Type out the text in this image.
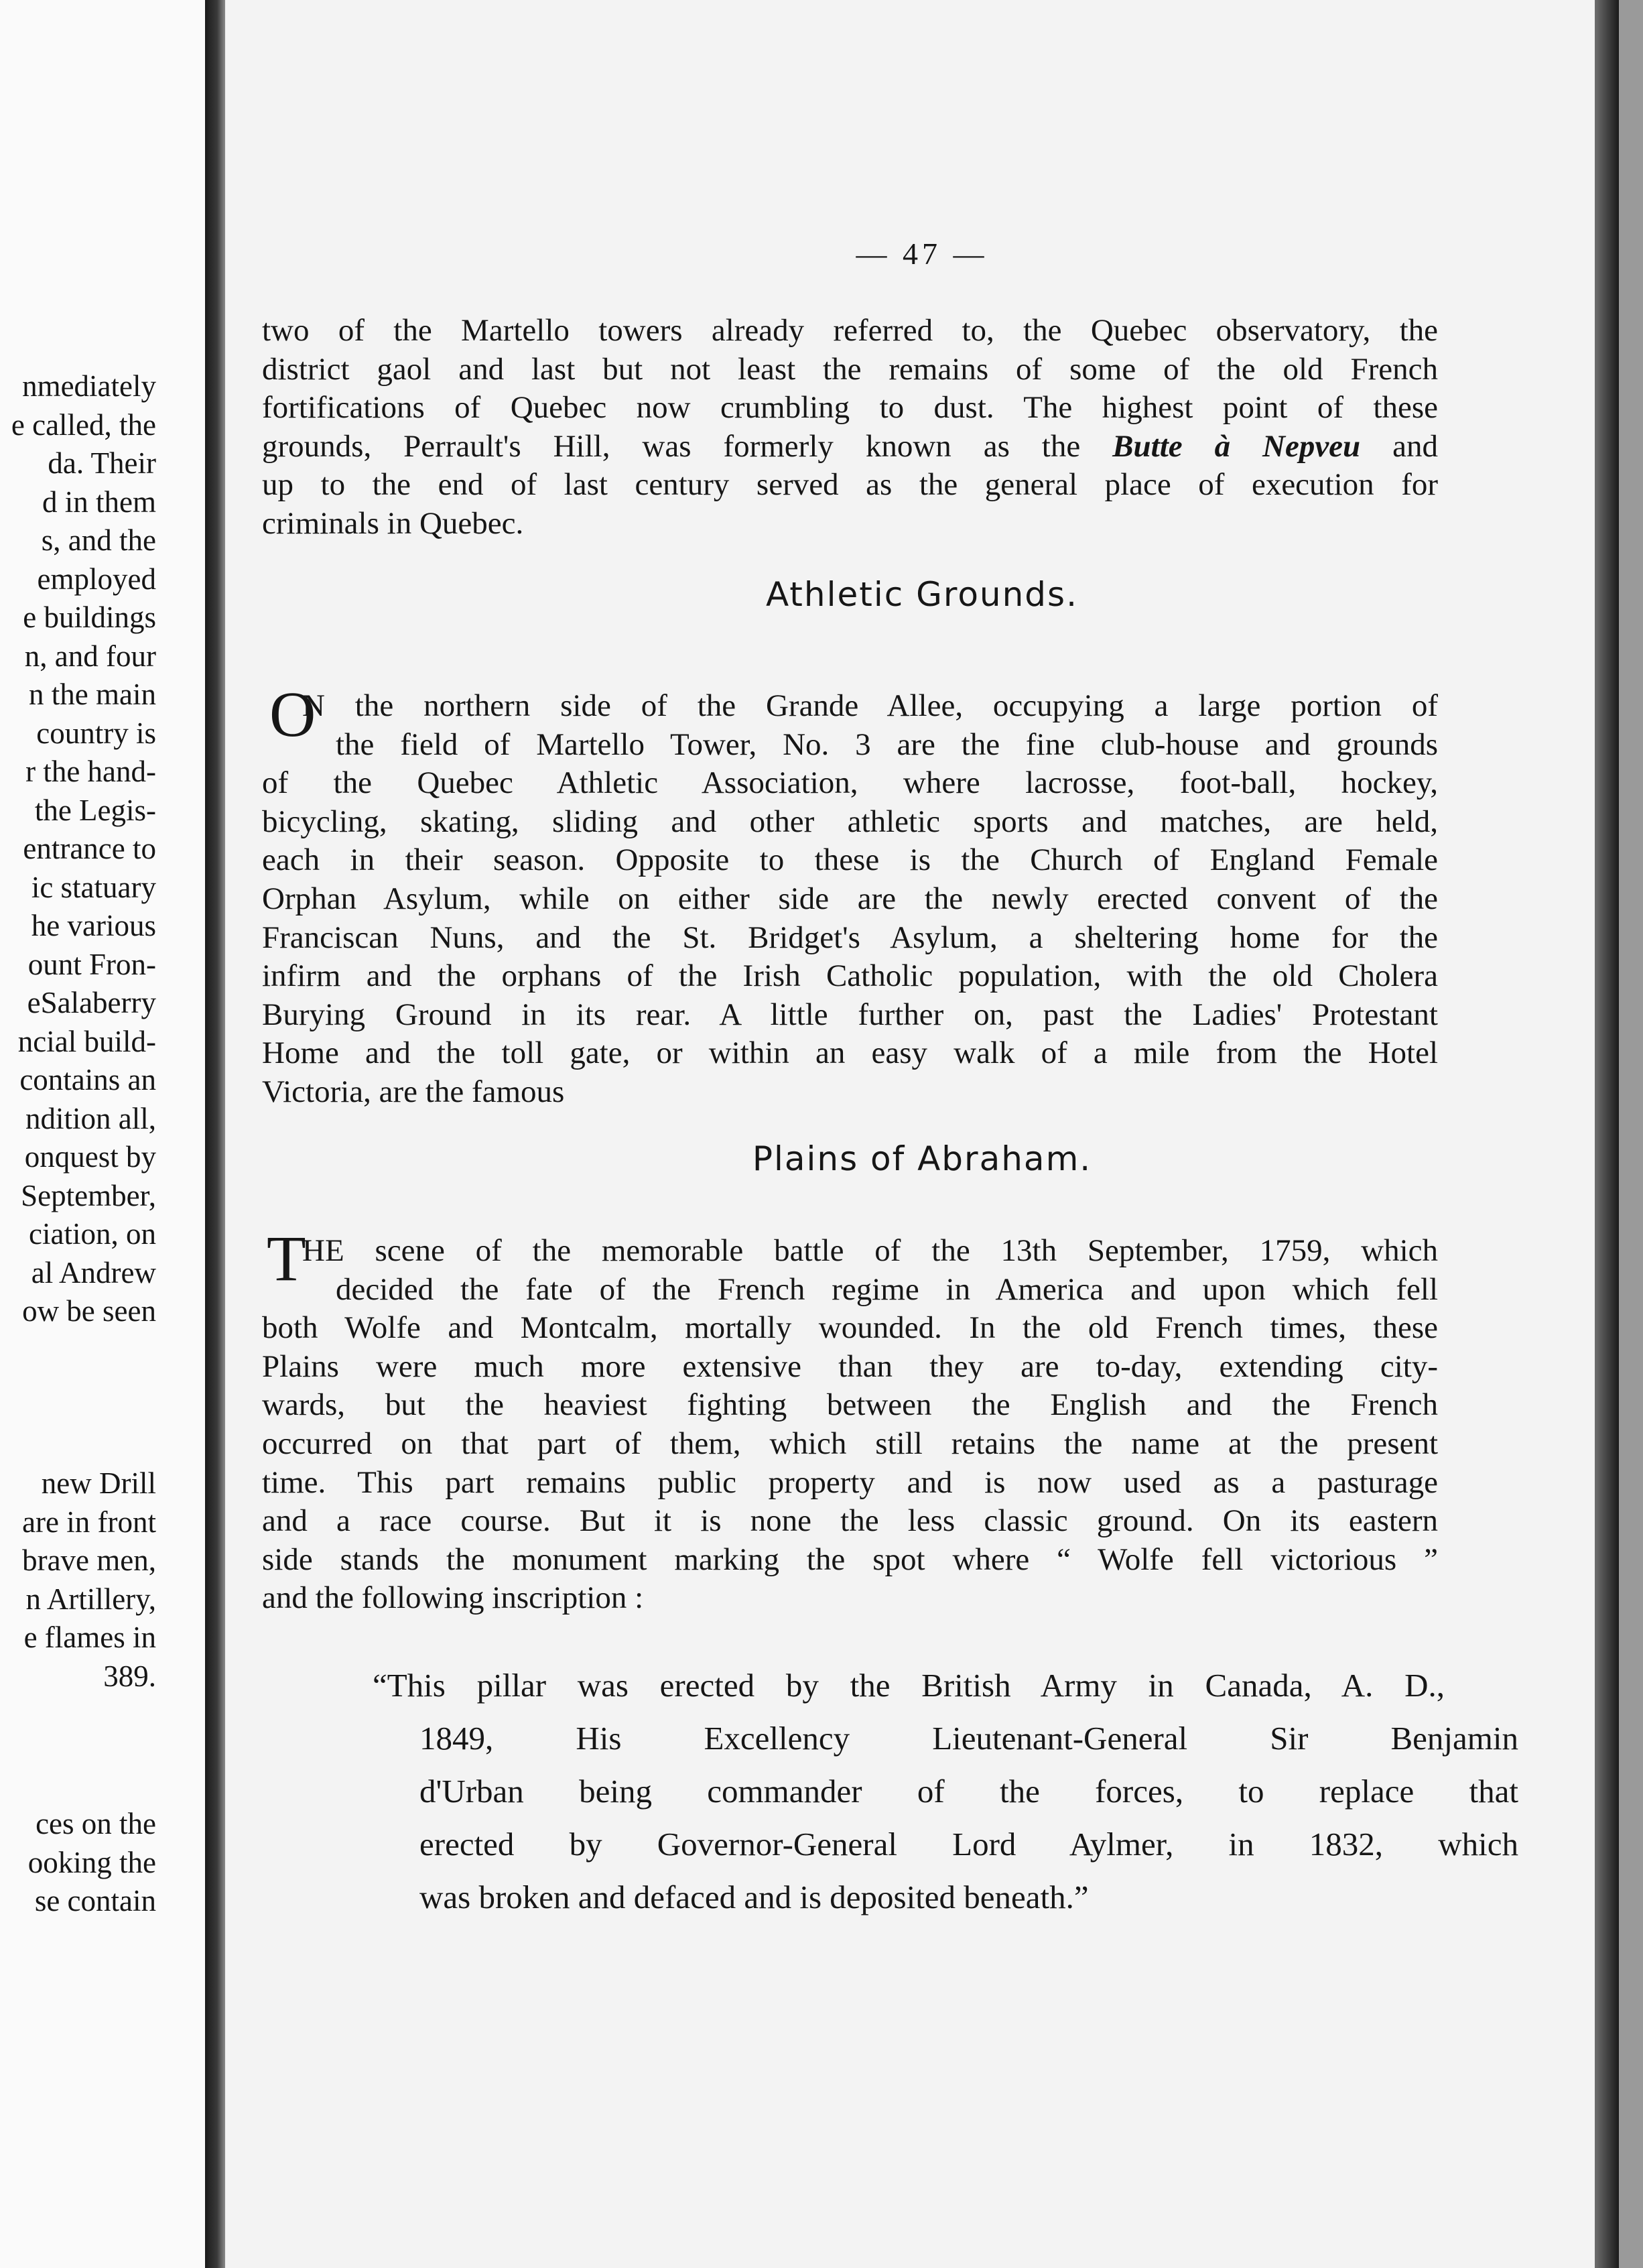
nmediately
e called, the
da. Their
d in them
s, and the
employed
e buildings
n, and four
n the main
country is
r the hand-
the Legis-
entrance to
ic statuary
he various
ount Fron-
eSalaberry
ncial build-
contains an
ndition all,
onquest by
September,
ciation, on
al Andrew
ow be seen
new Drill
are in front
brave men,
n Artillery,
e flames in
389.
ces on the
ooking the
se contain
— 47 —
two of the Martello towers already referred to, the Quebec observatory, the
district gaol and last but not least the remains of some of the old French
fortifications of Quebec now crumbling to dust. The highest point of these
grounds, Perrault's Hill, was formerly known as the Butte à Nepveu and
up to the end of last century served as the general place of execution for
criminals in Quebec.
Athletic Grounds.
O
N the northern side of the Grande Allee, occupying a large portion of
the field of Martello Tower, No. 3 are the fine club-house and grounds
of the Quebec Athletic Association, where lacrosse, foot-ball, hockey,
bicycling, skating, sliding and other athletic sports and matches, are held,
each in their season. Opposite to these is the Church of England Female
Orphan Asylum, while on either side are the newly erected convent of the
Franciscan Nuns, and the St. Bridget's Asylum, a sheltering home for the
infirm and the orphans of the Irish Catholic population, with the old Cholera
Burying Ground in its rear. A little further on, past the Ladies' Protestant
Home and the toll gate, or within an easy walk of a mile from the Hotel
Victoria, are the famous
Plains of Abraham.
T
HE scene of the memorable battle of the 13th September, 1759, which
decided the fate of the French regime in America and upon which fell
both Wolfe and Montcalm, mortally wounded. In the old French times, these
Plains were much more extensive than they are to-day, extending city-
wards, but the heaviest fighting between the English and the French
occurred on that part of them, which still retains the name at the present
time. This part remains public property and is now used as a pasturage
and a race course. But it is none the less classic ground. On its eastern
side stands the monument marking the spot where “ Wolfe fell victorious ”
and the following inscription :
“This pillar was erected by the British Army in Canada, A. D.,
1849, His Excellency Lieutenant-General Sir Benjamin
d'Urban being commander of the forces, to replace that
erected by Governor-General Lord Aylmer, in 1832, which
was broken and defaced and is deposited beneath.”
